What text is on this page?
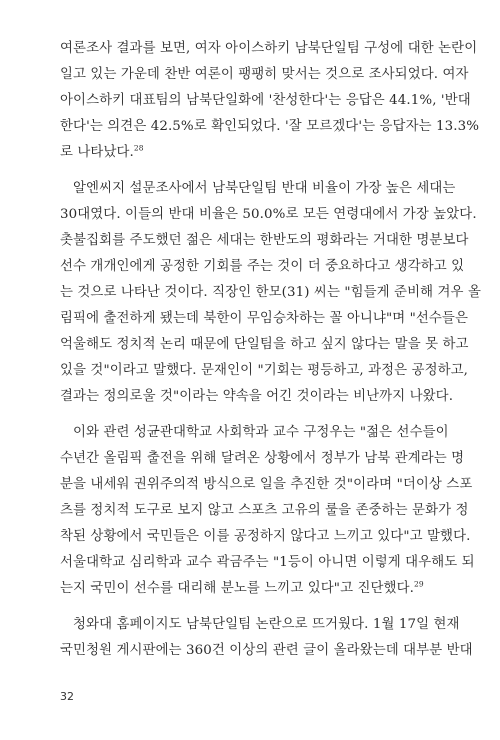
여론조사 결과를 보면, 여자 아이스하키 남북단일팀 구성에 대한 논란이
일고 있는 가운데 찬반 여론이 팽팽히 맞서는 것으로 조사되었다. 여자
아이스하키 대표팀의 남북단일화에 '찬성한다'는 응답은 44.1%, '반대
한다'는 의견은 42.5%로 확인되었다. '잘 모르겠다'는 응답자는 13.3%
로 나타났다.$^{28}$
알엔씨지 설문조사에서 남북단일팀 반대 비율이 가장 높은 세대는
30대였다. 이들의 반대 비율은 50.0%로 모든 연령대에서 가장 높았다.
촛불집회를 주도했던 젊은 세대는 한반도의 평화라는 거대한 명분보다
선수 개개인에게 공정한 기회를 주는 것이 더 중요하다고 생각하고 있
는 것으로 나타난 것이다. 직장인 한모(31) 씨는 "힘들게 준비해 겨우 올
림픽에 출전하게 됐는데 북한이 무임승차하는 꼴 아니냐"며 "선수들은
억울해도 정치적 논리 때문에 단일팀을 하고 싶지 않다는 말을 못 하고
있을 것"이라고 말했다. 문재인이 "기회는 평등하고, 과정은 공정하고,
결과는 정의로울 것"이라는 약속을 어긴 것이라는 비난까지 나왔다.
이와 관련 성균관대학교 사회학과 교수 구정우는 "젊은 선수들이
수년간 올림픽 출전을 위해 달려온 상황에서 정부가 남북 관계라는 명
분을 내세워 권위주의적 방식으로 일을 추진한 것"이라며 "더이상 스포
츠를 정치적 도구로 보지 않고 스포츠 고유의 룰을 존중하는 문화가 정
착된 상황에서 국민들은 이를 공정하지 않다고 느끼고 있다"고 말했다.
서울대학교 심리학과 교수 곽금주는 "1등이 아니면 이렇게 대우해도 되
는지 국민이 선수를 대리해 분노를 느끼고 있다"고 진단했다.$^{29}$
청와대 홈페이지도 남북단일팀 논란으로 뜨거웠다. 1월 17일 현재
국민청원 게시판에는 360건 이상의 관련 글이 올라왔는데 대부분 반대
32
